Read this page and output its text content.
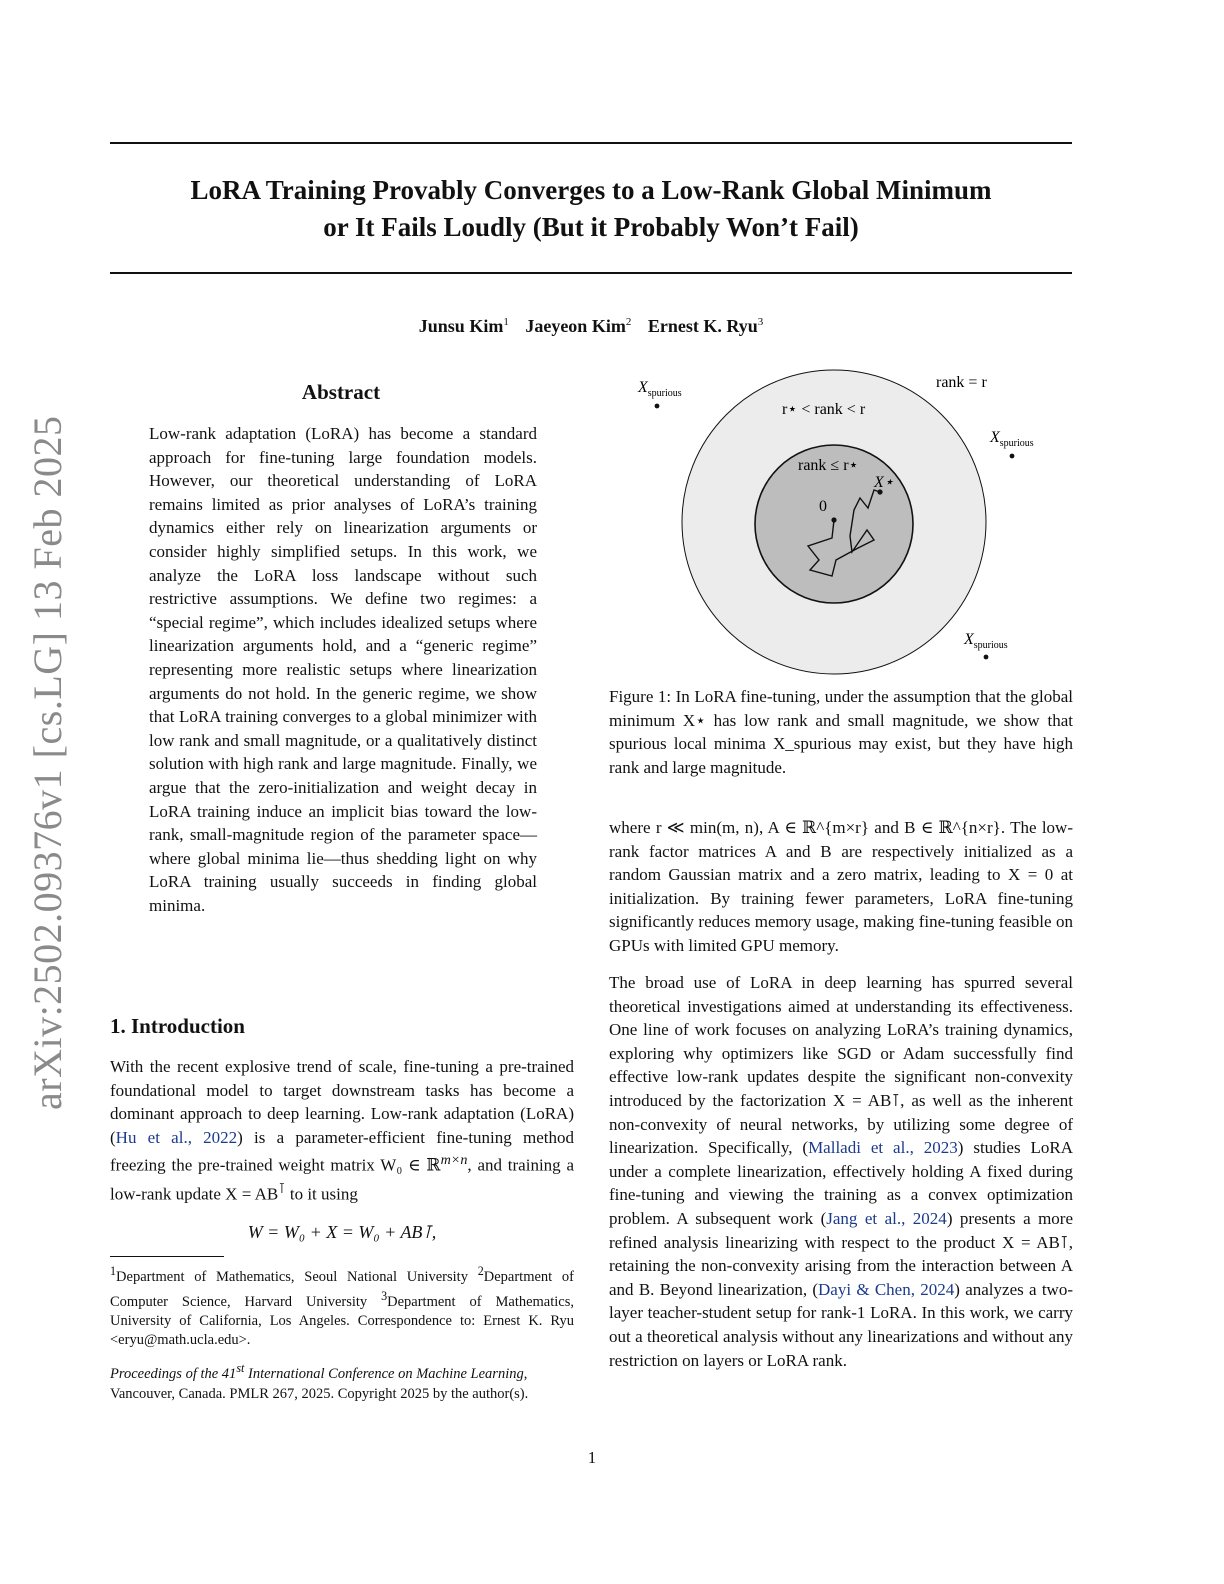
LoRA Training Provably Converges to a Low-Rank Global Minimum
or It Fails Loudly (But it Probably Won’t Fail)
Junsu Kim$^1$ Jaeyeon Kim$^2$ Ernest K. Ryu$^3$
arXiv:2502.09376v1 [cs.LG] 13 Feb 2025
Abstract
Low-rank adaptation (LoRA) has become a standard approach for fine-tuning large foundation models. However, our theoretical understanding of LoRA remains limited as prior analyses of LoRA’s training dynamics either rely on linearization arguments or consider highly simplified setups. In this work, we analyze the LoRA loss landscape without such restrictive assumptions. We define two regimes: a “special regime”, which includes idealized setups where linearization arguments hold, and a “generic regime” representing more realistic setups where linearization arguments do not hold. In the generic regime, we show that LoRA training converges to a global minimizer with low rank and small magnitude, or a qualitatively distinct solution with high rank and large magnitude. Finally, we argue that the zero-initialization and weight decay in LoRA training induce an implicit bias toward the low-rank, small-magnitude region of the parameter space—where global minima lie—thus shedding light on why LoRA training usually succeeds in finding global minima.
1. Introduction
With the recent explosive trend of scale, fine-tuning a pre-trained foundational model to target downstream tasks has become a dominant approach to deep learning. Low-rank adaptation (LoRA) (Hu et al., 2022) is a parameter-efficient fine-tuning method freezing the pre-trained weight matrix W₀ ∈ ℝ$^{m\times n}$, and training a low-rank update X = AB⊺ to it using
W = W₀ + X = W₀ + AB⊺,
$^1$Department of Mathematics, Seoul National University $^2$Department of Computer Science, Harvard University $^3$Department of Mathematics, University of California, Los Angeles. Correspondence to: Ernest K. Ryu <eryu@math.ucla.edu>.
Proceedings of the 41st International Conference on Machine Learning, Vancouver, Canada. PMLR 267, 2025. Copyright 2025 by the author(s).
rank = r
r⋆ < rank < r
rank ≤ r⋆
0
X⋆
$X_{spurious}$
$X_{spurious}$
$X_{spurious}$
Figure 1: In LoRA fine-tuning, under the assumption that the global minimum X⋆ has low rank and small magnitude, we show that spurious local minima X_spurious may exist, but they have high rank and large magnitude.
where r ≪ min(m, n), A ∈ ℝ^{m×r} and B ∈ ℝ^{n×r}. The low-rank factor matrices A and B are respectively initialized as a random Gaussian matrix and a zero matrix, leading to X = 0 at initialization. By training fewer parameters, LoRA fine-tuning significantly reduces memory usage, making fine-tuning feasible on GPUs with limited GPU memory.
The broad use of LoRA in deep learning has spurred several theoretical investigations aimed at understanding its effectiveness. One line of work focuses on analyzing LoRA’s training dynamics, exploring why optimizers like SGD or Adam successfully find effective low-rank updates despite the significant non-convexity introduced by the factorization X = AB⊺, as well as the inherent non-convexity of neural networks, by utilizing some degree of linearization. Specifically, (Malladi et al., 2023) studies LoRA under a complete linearization, effectively holding A fixed during fine-tuning and viewing the training as a convex optimization problem. A subsequent work (Jang et al., 2024) presents a more refined analysis linearizing with respect to the product X = AB⊺, retaining the non-convexity arising from the interaction between A and B. Beyond linearization, (Dayi & Chen, 2024) analyzes a two-layer teacher-student setup for rank-1 LoRA. In this work, we carry out a theoretical analysis without any linearizations and without any restriction on layers or LoRA rank.
1
